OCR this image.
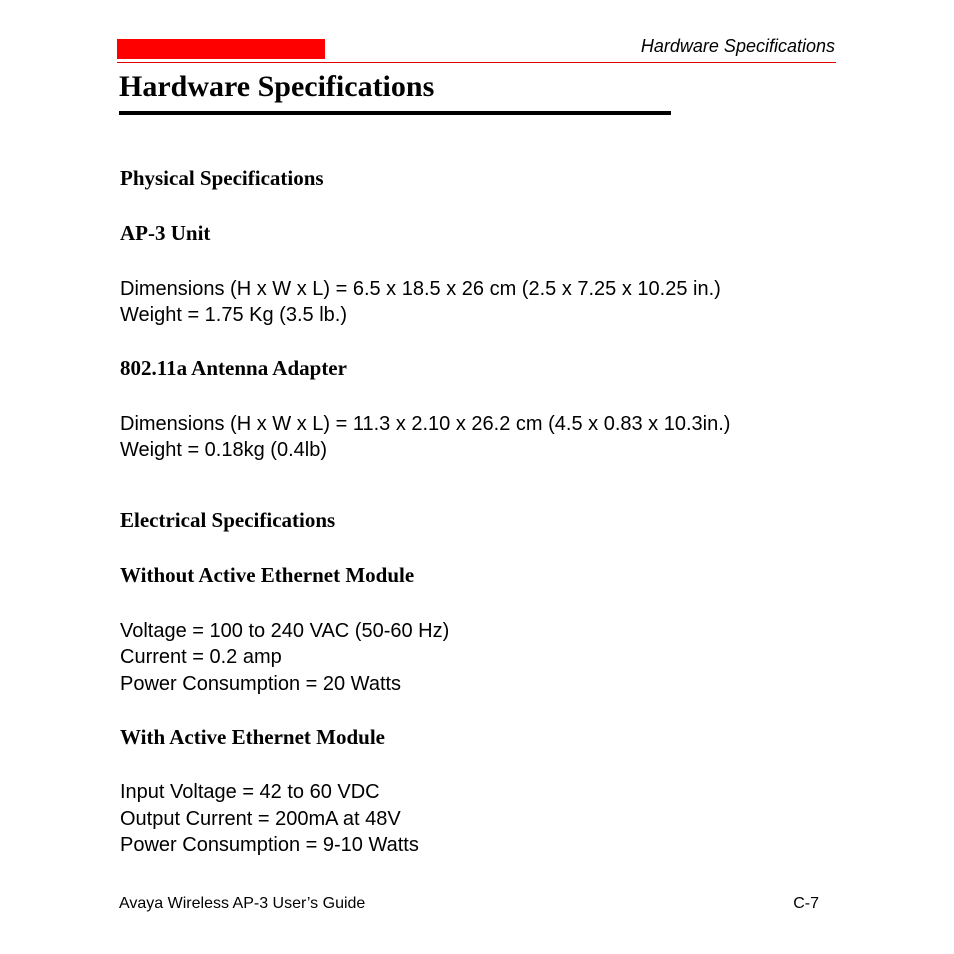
Hardware Specifications
Hardware Specifications
Physical Specifications
AP-3 Unit
Dimensions (H x W x L) = 6.5 x 18.5 x 26 cm (2.5 x 7.25 x 10.25 in.)
Weight = 1.75 Kg (3.5 lb.)
802.11a Antenna Adapter
Dimensions (H x W x L) = 11.3 x 2.10 x 26.2 cm (4.5 x 0.83 x 10.3in.)
Weight = 0.18kg (0.4lb)
Electrical Specifications
Without Active Ethernet Module
Voltage = 100 to 240 VAC (50-60 Hz)
Current = 0.2 amp
Power Consumption = 20 Watts
With Active Ethernet Module
Input Voltage = 42 to 60 VDC
Output Current = 200mA at 48V
Power Consumption = 9-10 Watts
Avaya Wireless AP-3 User’s Guide	C-7
